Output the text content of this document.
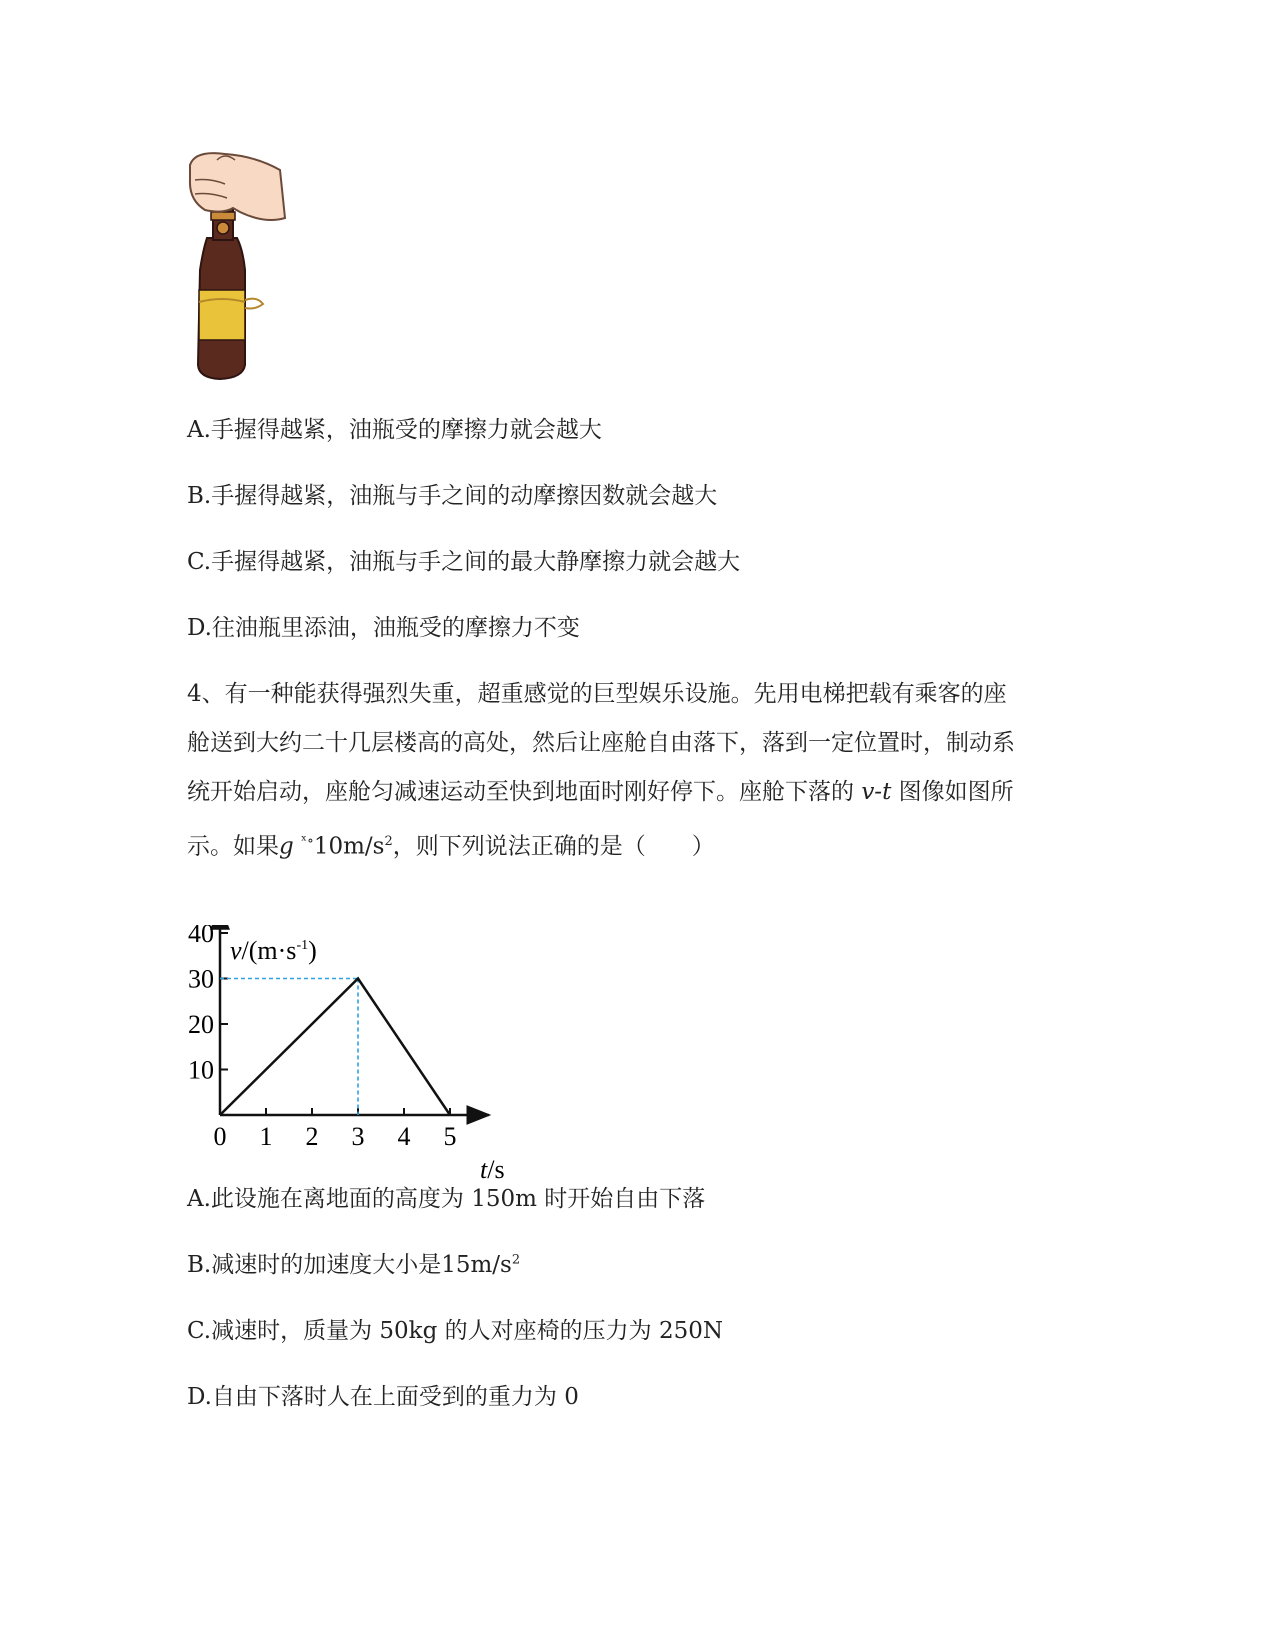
A.手握得越紧，油瓶受的摩擦力就会越大
B.手握得越紧，油瓶与手之间的动摩擦因数就会越大
C.手握得越紧，油瓶与手之间的最大静摩擦力就会越大
D.往油瓶里添油，油瓶受的摩擦力不变
4、有一种能获得强烈失重，超重感觉的巨型娱乐设施。先用电梯把载有乘客的座
舱送到大约二十几层楼高的高处，然后让座舱自由落下，落到一定位置时，制动系
统开始启动，座舱匀减速运动至快到地面时刚好停下。座舱下落的 v-t 图像如图所
示。如果g $^{ˣ\circ}10m/s^2$，则下列说法正确的是（　　）
0 1 2 3 4 5
10
20
30
40
$v/(m\cdot s^{-1})$
t/s
A.此设施在离地面的高度为 150m 时开始自由下落
B.减速时的加速度大小是$15m/s^2$
C.减速时，质量为 50kg 的人对座椅的压力为 250N
D.自由下落时人在上面受到的重力为 0
